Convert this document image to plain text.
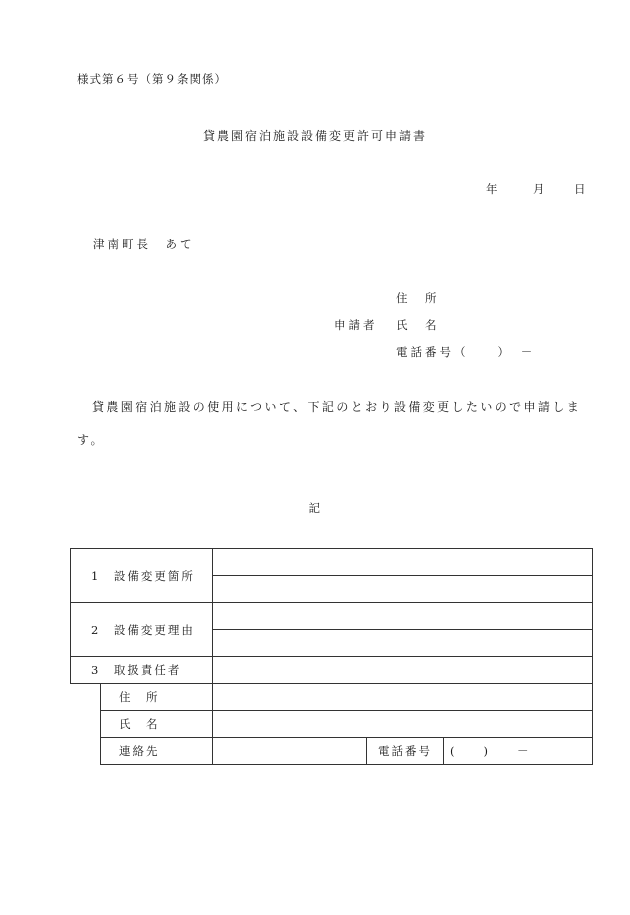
様式第６号（第９条関係）
貸農園宿泊施設設備変更許可申請書
年	月 日
津南町長　あて
申請者
住　所
氏　名
電話番号（　　）　－
貸農園宿泊施設の使用について、下記のとおり設備変更したいので申請します。
記
1　設備変更箇所				

2　設備変更理由				

3　取扱責任者				
	住　所			
	氏　名			
	連絡先		電話番号	(　　)　　－
